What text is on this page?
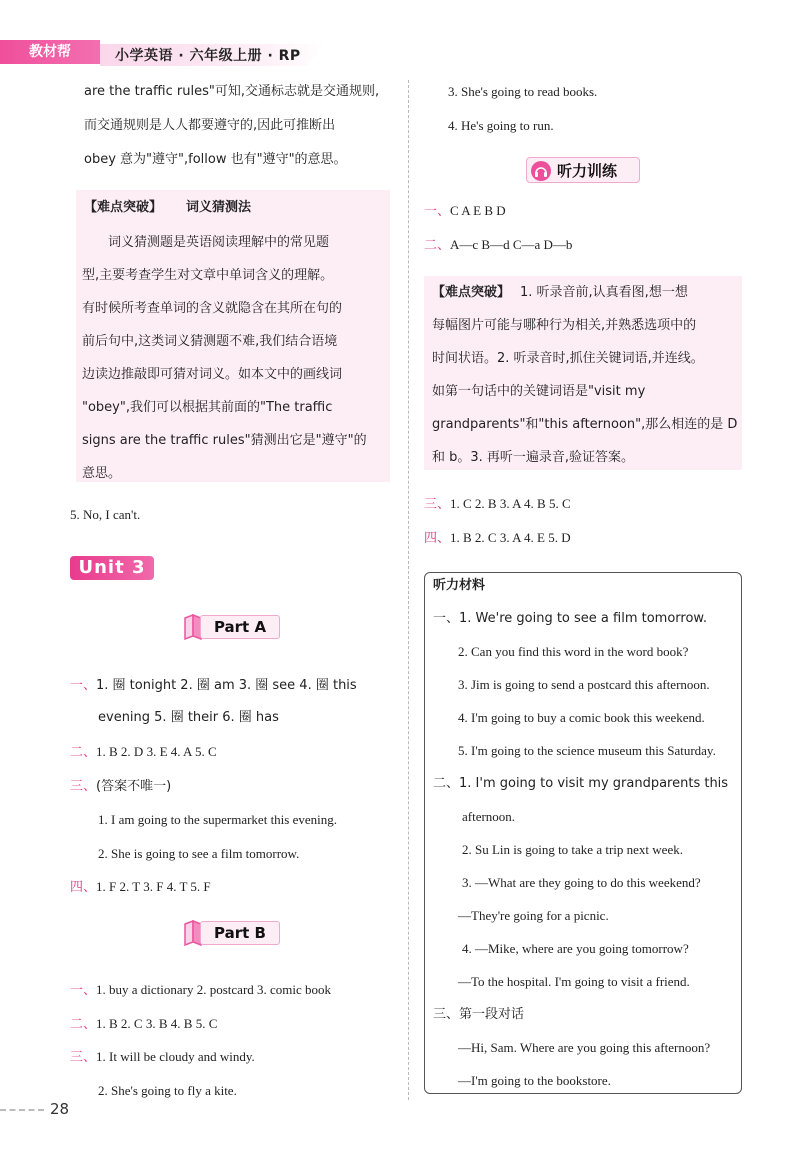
教材帮	小学英语 · 六年级上册 · RP
are the traffic rules"可知,交通标志就是交通规则,
而交通规则是人人都要遵守的,因此可推断出
obey 意为"遵守",follow 也有"遵守"的意思。
【难点突破】 词义猜测法
词义猜测题是英语阅读理解中的常见题
型,主要考查学生对文章中单词含义的理解。
有时候所考查单词的含义就隐含在其所在句的
前后句中,这类词义猜测题不难,我们结合语境
边读边推敲即可猜对词义。如本文中的画线词
"obey",我们可以根据其前面的"The traffic
signs are the traffic rules"猜测出它是"遵守"的
意思。
5. No, I can't.
Unit 3
Part A
一、1. 圈 tonight 2. 圈 am 3. 圈 see 4. 圈 this
evening 5. 圈 their 6. 圈 has
二、1. B 2. D 3. E 4. A 5. C
三、(答案不唯一)
1. I am going to the supermarket this evening.
2. She is going to see a film tomorrow.
四、1. F 2. T 3. F 4. T 5. F
Part B
一、1. buy a dictionary 2. postcard 3. comic book
二、1. B 2. C 3. B 4. B 5. C
三、1. It will be cloudy and windy.
2. She's going to fly a kite.
3. She's going to read books.
4. He's going to run.
听力训练
一、C A E B D
二、A—c B—d C—a D—b
【难点突破】 1. 听录音前,认真看图,想一想
每幅图片可能与哪种行为相关,并熟悉选项中的
时间状语。2. 听录音时,抓住关键词语,并连线。
如第一句话中的关键词语是"visit my
grandparents"和"this afternoon",那么相连的是 D
和 b。3. 再听一遍录音,验证答案。
三、1. C 2. B 3. A 4. B 5. C
四、1. B 2. C 3. A 4. E 5. D
听力材料
一、1. We're going to see a film tomorrow.
2. Can you find this word in the word book?
3. Jim is going to send a postcard this afternoon.
4. I'm going to buy a comic book this weekend.
5. I'm going to the science museum this Saturday.
二、1. I'm going to visit my grandparents this
afternoon.
2. Su Lin is going to take a trip next week.
3. —What are they going to do this weekend?
—They're going for a picnic.
4. —Mike, where are you going tomorrow?
—To the hospital. I'm going to visit a friend.
三、第一段对话
—Hi, Sam. Where are you going this afternoon?
—I'm going to the bookstore.
28
